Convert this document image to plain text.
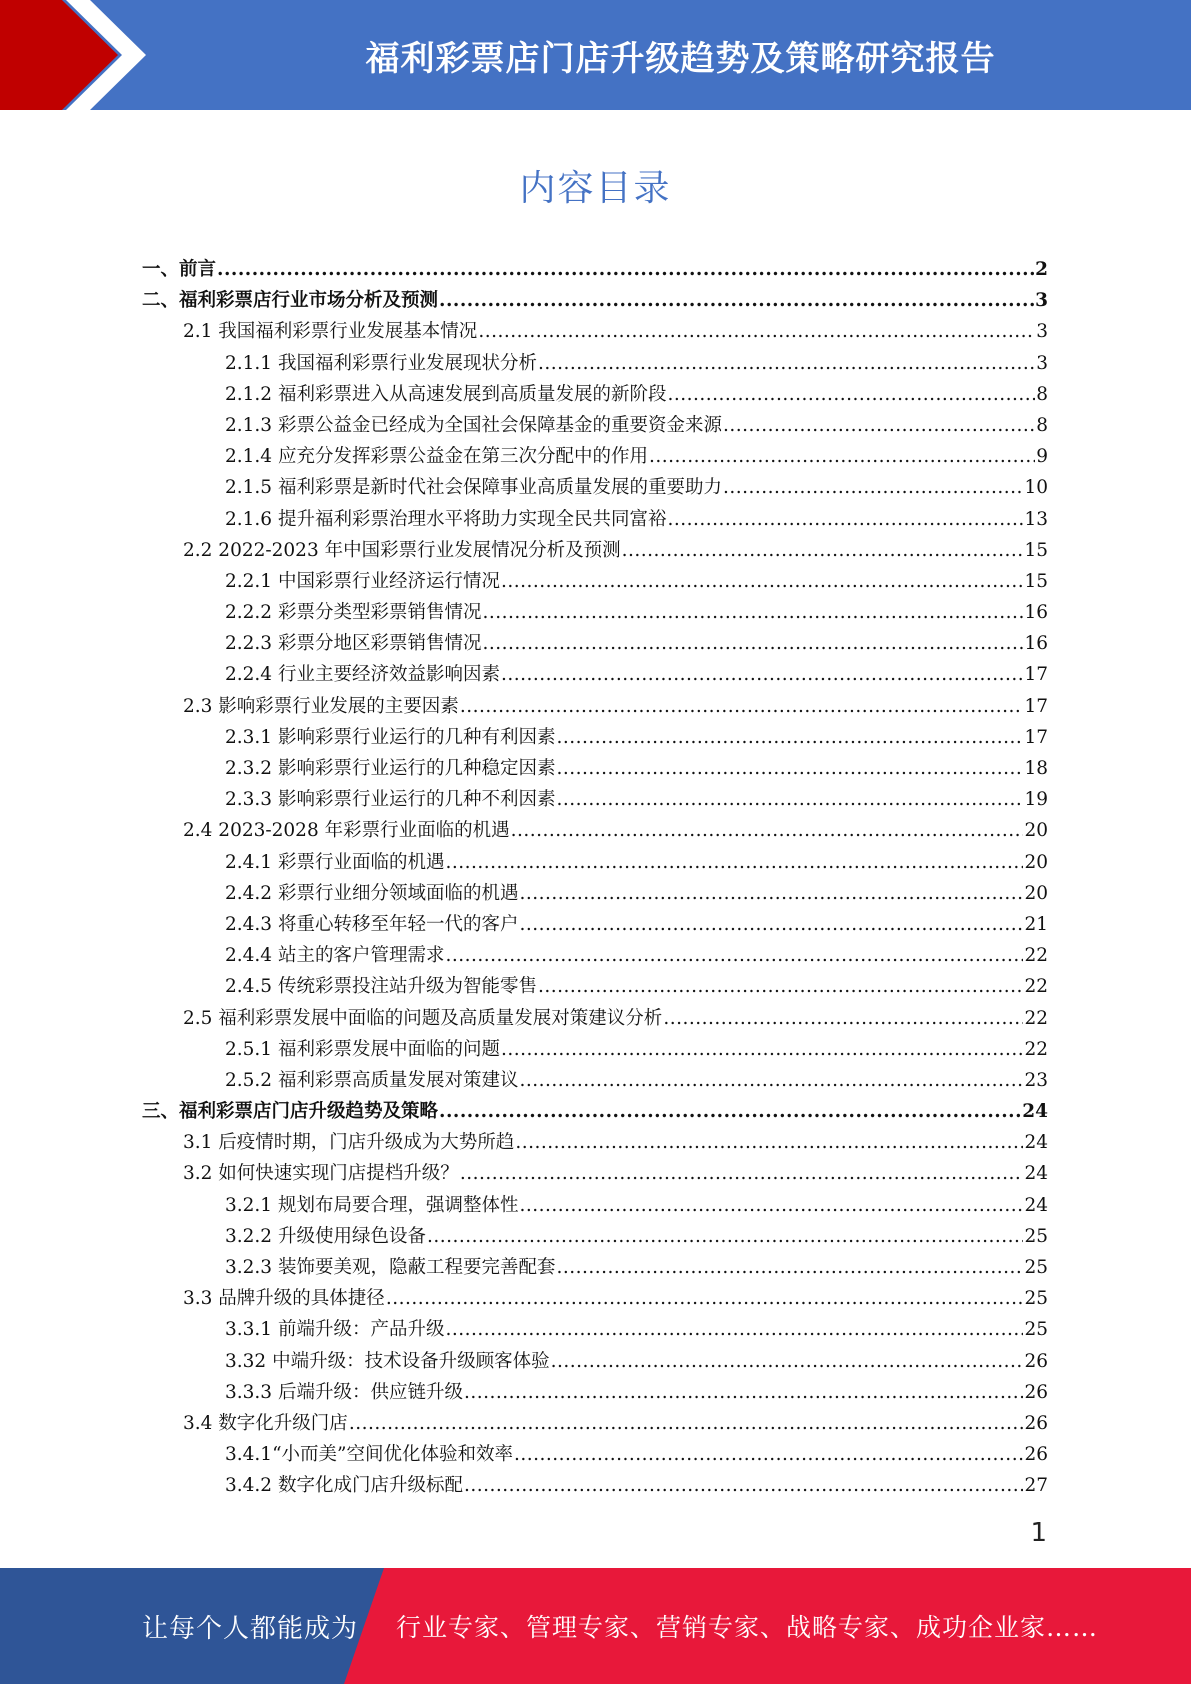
福利彩票店门店升级趋势及策略研究报告
内容目录
一、前言 .....	2
二、福利彩票店行业市场分析及预测 .....	3
2.1 我国福利彩票行业发展基本情况 .....	3
2.1.1 我国福利彩票行业发展现状分析 .....	3
2.1.2 福利彩票进入从高速发展到高质量发展的新阶段 .....	8
2.1.3 彩票公益金已经成为全国社会保障基金的重要资金来源 .....	8
2.1.4 应充分发挥彩票公益金在第三次分配中的作用 .....	9
2.1.5 福利彩票是新时代社会保障事业高质量发展的重要助力 .....	10
2.1.6 提升福利彩票治理水平将助力实现全民共同富裕 .....	13
2.2 2022-2023 年中国彩票行业发展情况分析及预测 .....	15
2.2.1 中国彩票行业经济运行情况 .....	15
2.2.2 彩票分类型彩票销售情况 .....	16
2.2.3 彩票分地区彩票销售情况 .....	16
2.2.4 行业主要经济效益影响因素 .....	17
2.3 影响彩票行业发展的主要因素 .....	17
2.3.1 影响彩票行业运行的几种有利因素 .....	17
2.3.2 影响彩票行业运行的几种稳定因素 .....	18
2.3.3 影响彩票行业运行的几种不利因素 .....	19
2.4 2023-2028 年彩票行业面临的机遇 .....	20
2.4.1 彩票行业面临的机遇 .....	20
2.4.2 彩票行业细分领域面临的机遇 .....	20
2.4.3 将重心转移至年轻一代的客户 .....	21
2.4.4 站主的客户管理需求 .....	22
2.4.5 传统彩票投注站升级为智能零售 .....	22
2.5 福利彩票发展中面临的问题及高质量发展对策建议分析 .....	22
2.5.1 福利彩票发展中面临的问题 .....	22
2.5.2 福利彩票高质量发展对策建议 .....	23
三、福利彩票店门店升级趋势及策略 .....	24
3.1 后疫情时期，门店升级成为大势所趋 .....	24
3.2 如何快速实现门店提档升级？ .....	24
3.2.1 规划布局要合理，强调整体性 .....	24
3.2.2 升级使用绿色设备 .....	25
3.2.3 装饰要美观，隐蔽工程要完善配套 .....	25
3.3 品牌升级的具体捷径 .....	25
3.3.1 前端升级：产品升级 .....	25
3.32 中端升级：技术设备升级顾客体验 .....	26
3.3.3 后端升级：供应链升级 .....	26
3.4 数字化升级门店 .....	26
3.4.1“小而美”空间优化体验和效率 .....	26
3.4.2 数字化成门店升级标配 .....	27
1
让每个人都能成为 行业专家、管理专家、营销专家、战略专家、成功企业家……
